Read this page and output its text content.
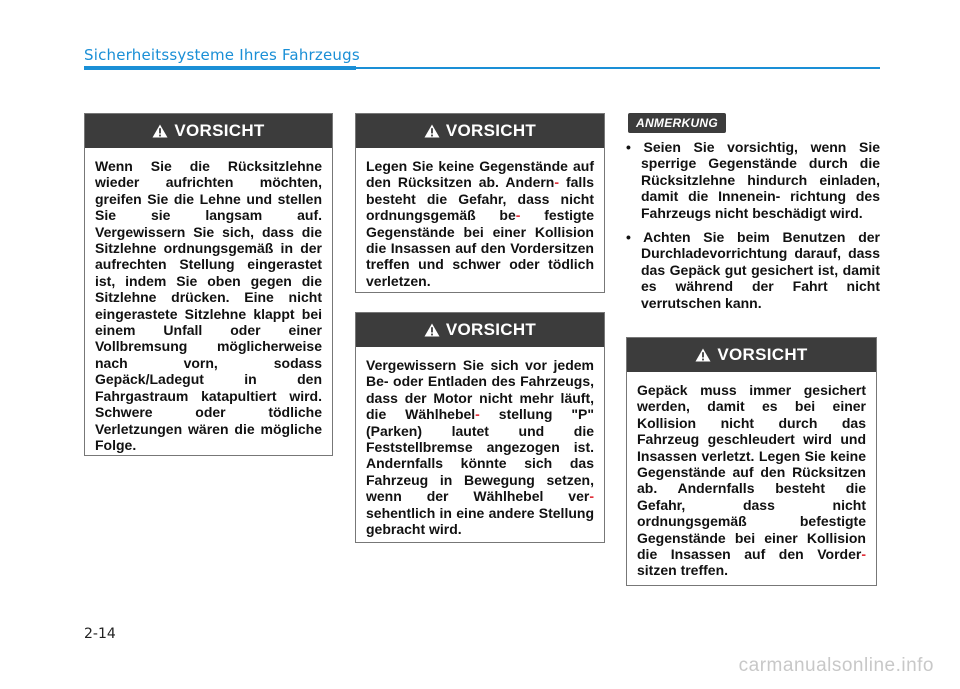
Sicherheitssysteme Ihres Fahrzeugs
VORSICHT

Wenn Sie die Rücksitzlehne wieder aufrichten möchten, greifen Sie die Lehne und stellen Sie sie langsam auf. Vergewissern Sie sich, dass die Sitzlehne ordnungsgemäß in der aufrechten Stellung eingerastet ist, indem Sie oben gegen die Sitzlehne drücken. Eine nicht eingerastete Sitzlehne klappt bei einem Unfall oder einer Vollbremsung möglicherweise nach vorn, sodass Gepäck/Ladegut in den Fahrgastraum katapultiert wird. Schwere oder tödliche Verletzungen wären die mögliche Folge.

VORSICHT

Legen Sie keine Gegenstände auf den Rücksitzen ab. Andern- falls besteht die Gefahr, dass nicht ordnungsgemäß be- festigte Gegenstände bei einer Kollision die Insassen auf den Vordersitzen treffen und schwer oder tödlich verletzen.

VORSICHT

Vergewissern Sie sich vor jedem Be- oder Entladen des Fahrzeugs, dass der Motor nicht mehr läuft, die Wählhebel- stellung "P" (Parken) lautet und die Feststellbremse angezogen ist. Andernfalls könnte sich das Fahrzeug in Bewegung setzen, wenn der Wählhebel ver- sehentlich in eine andere Stellung gebracht wird.

ANMERKUNG
• Seien Sie vorsichtig, wenn Sie sperrige Gegenstände durch die Rücksitzlehne hindurch einladen, damit die Innenein- richtung des Fahrzeugs nicht beschädigt wird.
• Achten Sie beim Benutzen der Durchladevorrichtung darauf, dass das Gepäck gut gesichert ist, damit es während der Fahrt nicht verrutschen kann.
VORSICHT

Gepäck muss immer gesichert werden, damit es bei einer Kollision nicht durch das Fahrzeug geschleudert wird und Insassen verletzt. Legen Sie keine Gegenstände auf den Rücksitzen ab. Andernfalls besteht die Gefahr, dass nicht ordnungsgemäß befestigte Gegenstände bei einer Kollision die Insassen auf den Vorder- sitzen treffen.

2-14
carmanualsonline.info
